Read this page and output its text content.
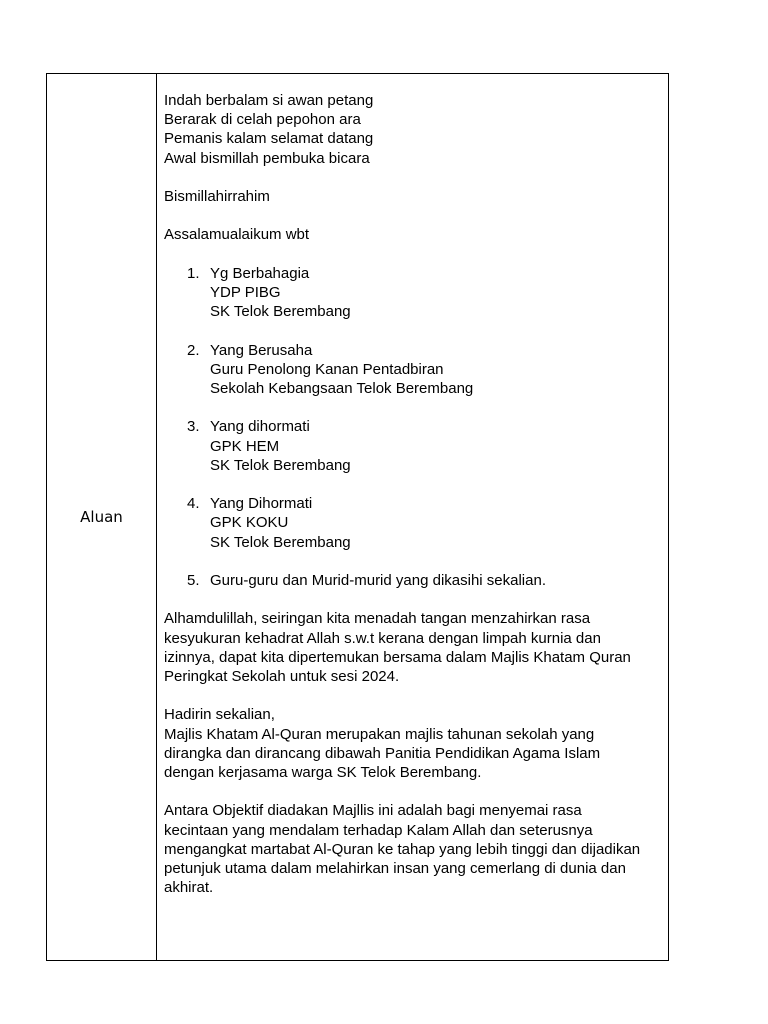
Aluan
Indah berbalam si awan petang
Berarak di celah pepohon ara
Pemanis kalam selamat datang
Awal bismillah pembuka bicara
Bismillahirrahim
Assalamualaikum wbt
1. Yg Berbahagia
YDP PIBG
SK Telok Berembang
2. Yang Berusaha
Guru Penolong Kanan Pentadbiran
Sekolah Kebangsaan Telok Berembang
3. Yang dihormati
GPK HEM
SK Telok Berembang
4. Yang Dihormati
GPK KOKU
SK Telok Berembang
5. Guru-guru dan Murid-murid yang dikasihi sekalian.
Alhamdulillah, seiringan kita menadah tangan menzahirkan rasa
kesyukuran kehadrat Allah s.w.t kerana dengan limpah kurnia dan
izinnya, dapat kita dipertemukan bersama dalam Majlis Khatam Quran
Peringkat Sekolah untuk sesi 2024.
Hadirin sekalian,
Majlis Khatam Al-Quran merupakan majlis tahunan sekolah yang
dirangka dan dirancang dibawah Panitia Pendidikan Agama Islam
dengan kerjasama warga SK Telok Berembang.
Antara Objektif diadakan Majllis ini adalah bagi menyemai rasa
kecintaan yang mendalam terhadap Kalam Allah dan seterusnya
mengangkat martabat Al-Quran ke tahap yang lebih tinggi dan dijadikan
petunjuk utama dalam melahirkan insan yang cemerlang di dunia dan
akhirat.
